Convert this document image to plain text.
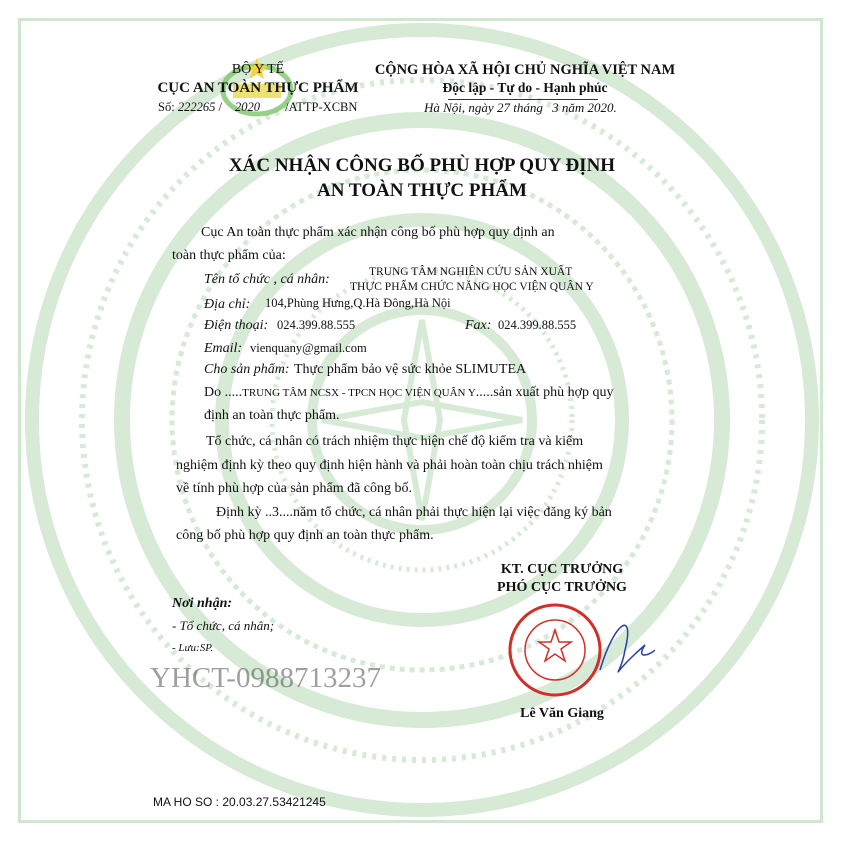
BỘ Y TẾ
CỤC AN TOÀN THỰC PHẨM
Số: 222265 / 2020 /ATTP-XCBN
CỘNG HÒA XÃ HỘI CHỦ NGHĨA VIỆT NAM
Độc lập - Tự do - Hạnh phúc
Hà Nội, ngày 27 tháng 3 năm 2020.
XÁC NHẬN CÔNG BỐ PHÙ HỢP QUY ĐỊNH
AN TOÀN THỰC PHẨM
Cục An toàn thực phẩm xác nhận công bố phù hợp quy định an
toàn thực phẩm của:
Tên tổ chức , cá nhân:	TRUNG TÂM NGHIÊN CỨU SẢN XUẤT
THỰC PHẨM CHỨC NĂNG HỌC VIỆN QUÂN Y
Địa chỉ: 104,Phùng Hưng,Q.Hà Đông,Hà Nội
Điện thoại: 024.399.88.555	Fax: 024.399.88.555
Email: vienquany@gmail.com
Cho sản phẩm: Thực phẩm bảo vệ sức khỏe SLIMUTEA
Do .....TRUNG TÂM NCSX - TPCN HỌC VIỆN QUÂN Y.....sản xuất phù hợp quy
định an toàn thực phẩm.
Tổ chức, cá nhân có trách nhiệm thực hiện chế độ kiểm tra và kiểm
nghiệm định kỳ theo quy định hiện hành và phải hoàn toàn chịu trách nhiệm
về tính phù hợp của sản phẩm đã công bố.
Định kỳ ..3....năm tổ chức, cá nhân phải thực hiện lại việc đăng ký bản
công bố phù hợp quy định an toàn thực phẩm.
KT. CỤC TRƯỞNG
PHÓ CỤC TRƯỞNG
Lê Văn Giang
Nơi nhận:
- Tổ chức, cá nhân;
- Lưu:SP.
YHCT-0988713237
MA HO SO : 20.03.27.53421245
